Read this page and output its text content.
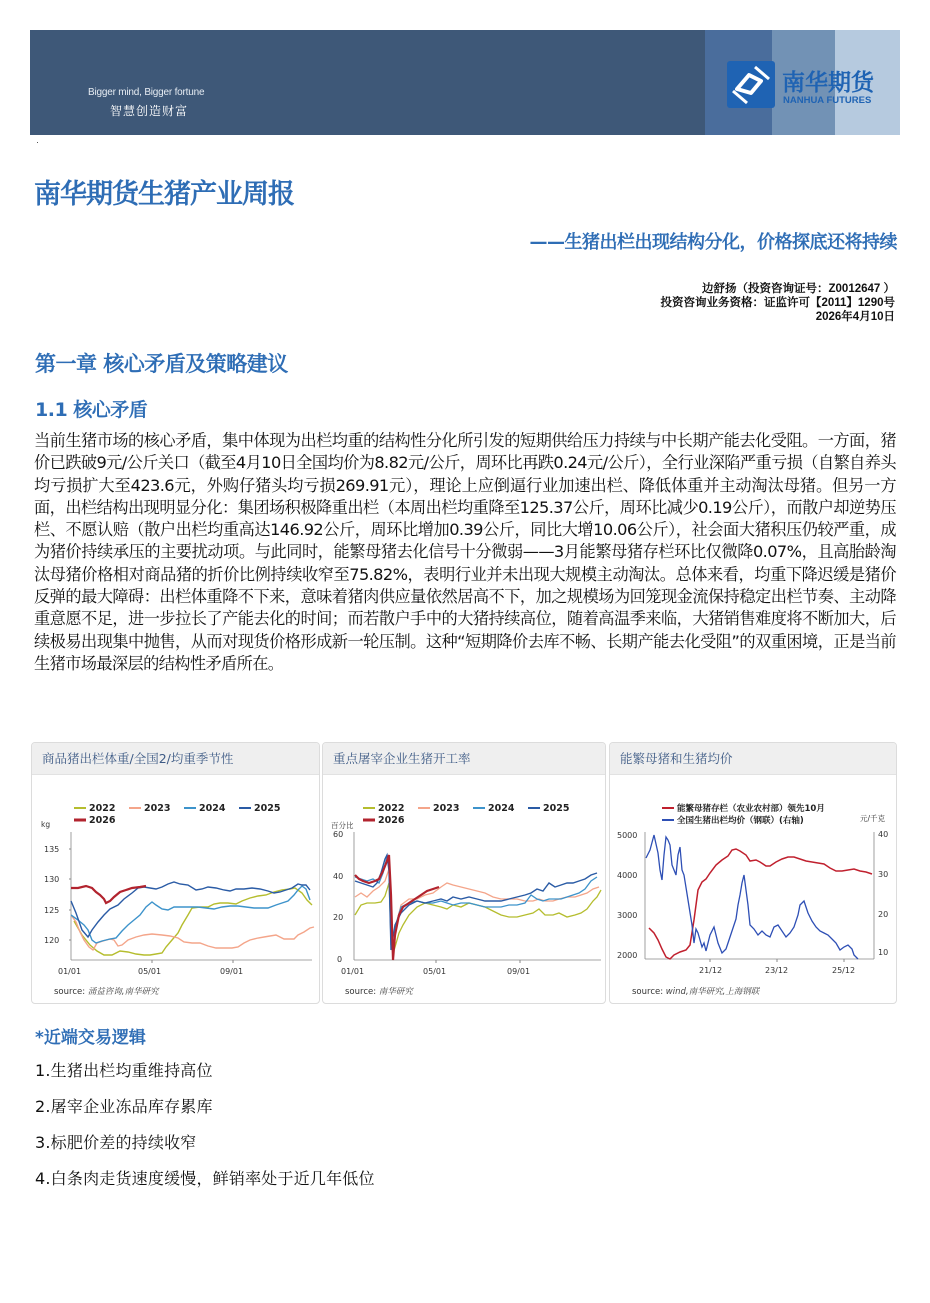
Bigger mind, Bigger fortune
智慧创造财富
南华期货
NANHUA FUTURES
南华期货生猪产业周报
——生猪出栏出现结构分化，价格探底还将持续
边舒扬（投资咨询证号：Z0012647 ）
投资咨询业务资格：证监许可【2011】1290号
2026年4月10日
第一章 核心矛盾及策略建议
1.1 核心矛盾
当前生猪市场的核心矛盾，集中体现为出栏均重的结构性分化所引发的短期供给压力持续与中长期产能去化受阻。一方面，猪价已跌破9元/公斤关口（截至4月10日全国均价为8.82元/公斤，周环比再跌0.24元/公斤），全行业深陷严重亏损（自繁自养头均亏损扩大至423.6元，外购仔猪头均亏损269.91元），理论上应倒逼行业加速出栏、降低体重并主动淘汰母猪。但另一方面，出栏结构出现明显分化：集团场积极降重出栏（本周出栏均重降至125.37公斤，周环比减少0.19公斤），而散户却逆势压栏、不愿认赔（散户出栏均重高达146.92公斤，周环比增加0.39公斤，同比大增10.06公斤），社会面大猪积压仍较严重，成为猪价持续承压的主要扰动项。与此同时，能繁母猪去化信号十分微弱——3月能繁母猪存栏环比仅微降0.07%，且高胎龄淘汰母猪价格相对商品猪的折价比例持续收窄至75.82%，表明行业并未出现大规模主动淘汰。总体来看，均重下降迟缓是猪价反弹的最大障碍：出栏体重降不下来，意味着猪肉供应量依然居高不下，加之规模场为回笼现金流保持稳定出栏节奏、主动降重意愿不足，进一步拉长了产能去化的时间；而若散户手中的大猪持续高位，随着高温季来临，大猪销售难度将不断加大，后续极易出现集中抛售，从而对现货价格形成新一轮压制。这种“短期降价去库不畅、长期产能去化受阻”的双重困境，正是当前生猪市场最深层的结构性矛盾所在。
商品猪出栏体重/全国2/均重季节性
2022	2023	2024	2025
2026
kg
135
130
125
120
01/01	05/01	09/01
source: 涌益咨询,南华研究
重点屠宰企业生猪开工率
2022	2023	2024	2025
2026
百分比
60
40
20
0
01/01	05/01	09/01
source: 南华研究
能繁母猪和生猪均价
能繁母猪存栏（农业农村部）领先10月
全国生猪出栏均价（钢联）(右轴)	元/千克
5000
4000
3000
2000
40
30
20
10
21/12	23/12	25/12
source: wind,南华研究,上海钢联
*近端交易逻辑
1.生猪出栏均重维持高位
2.屠宰企业冻品库存累库
3.标肥价差的持续收窄
4.白条肉走货速度缓慢，鲜销率处于近几年低位
